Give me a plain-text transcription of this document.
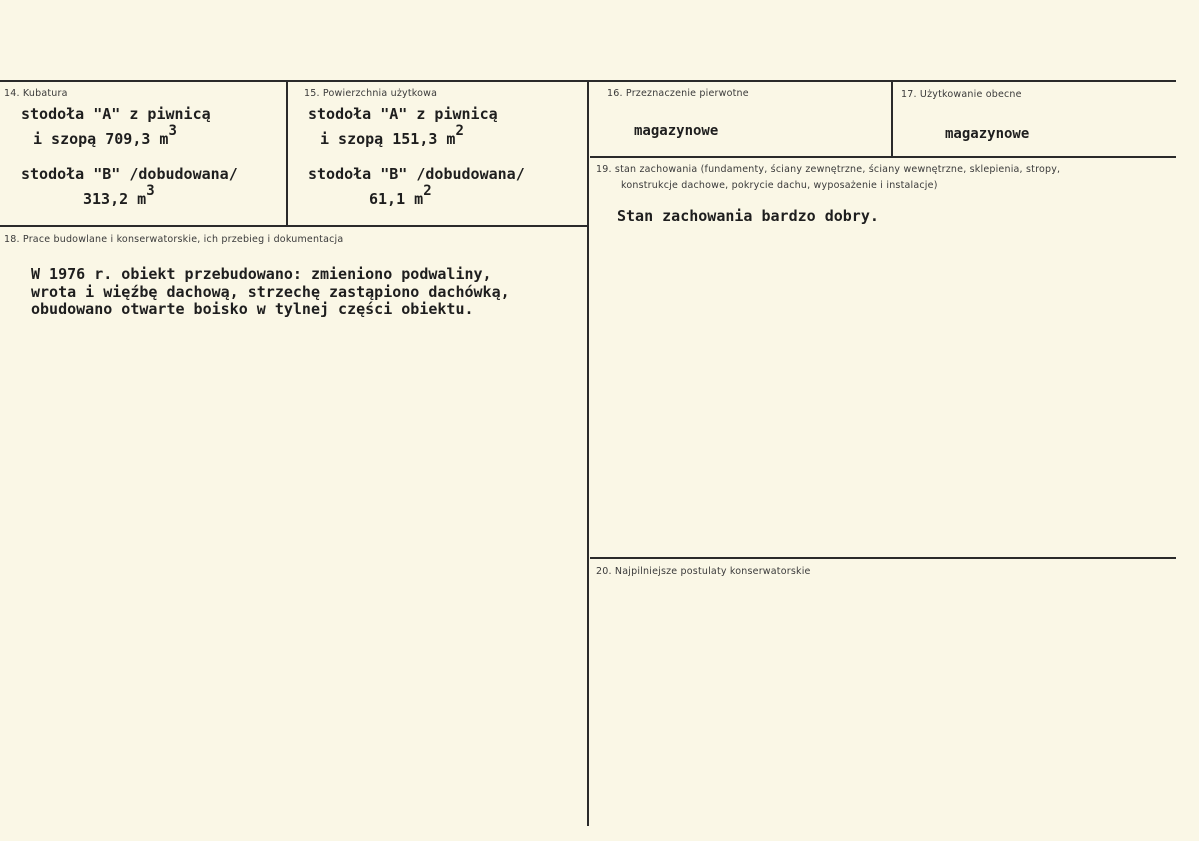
14. Kubatura
stodoła "A" z piwnicą
i szopą 709,3 m3
stodoła "B" /dobudowana/
313,2 m3
15. Powierzchnia użytkowa
stodoła "A" z piwnicą
i szopą 151,3 m2
stodoła "B" /dobudowana/
61,1 m2
16. Przeznaczenie pierwotne
magazynowe
17. Użytkowanie obecne
magazynowe
18. Prace budowlane i konserwatorskie, ich przebieg i dokumentacja
W 1976 r. obiekt przebudowano: zmieniono podwaliny,
wrota i więźbę dachową, strzechę zastąpiono dachówką,
obudowano otwarte boisko w tylnej części obiektu.
19. stan zachowania (fundamenty, ściany zewnętrzne, ściany wewnętrzne, sklepienia, stropy,
konstrukcje dachowe, pokrycie dachu, wyposażenie i instalacje)
Stan zachowania bardzo dobry.
20. Najpilniejsze postulaty konserwatorskie
